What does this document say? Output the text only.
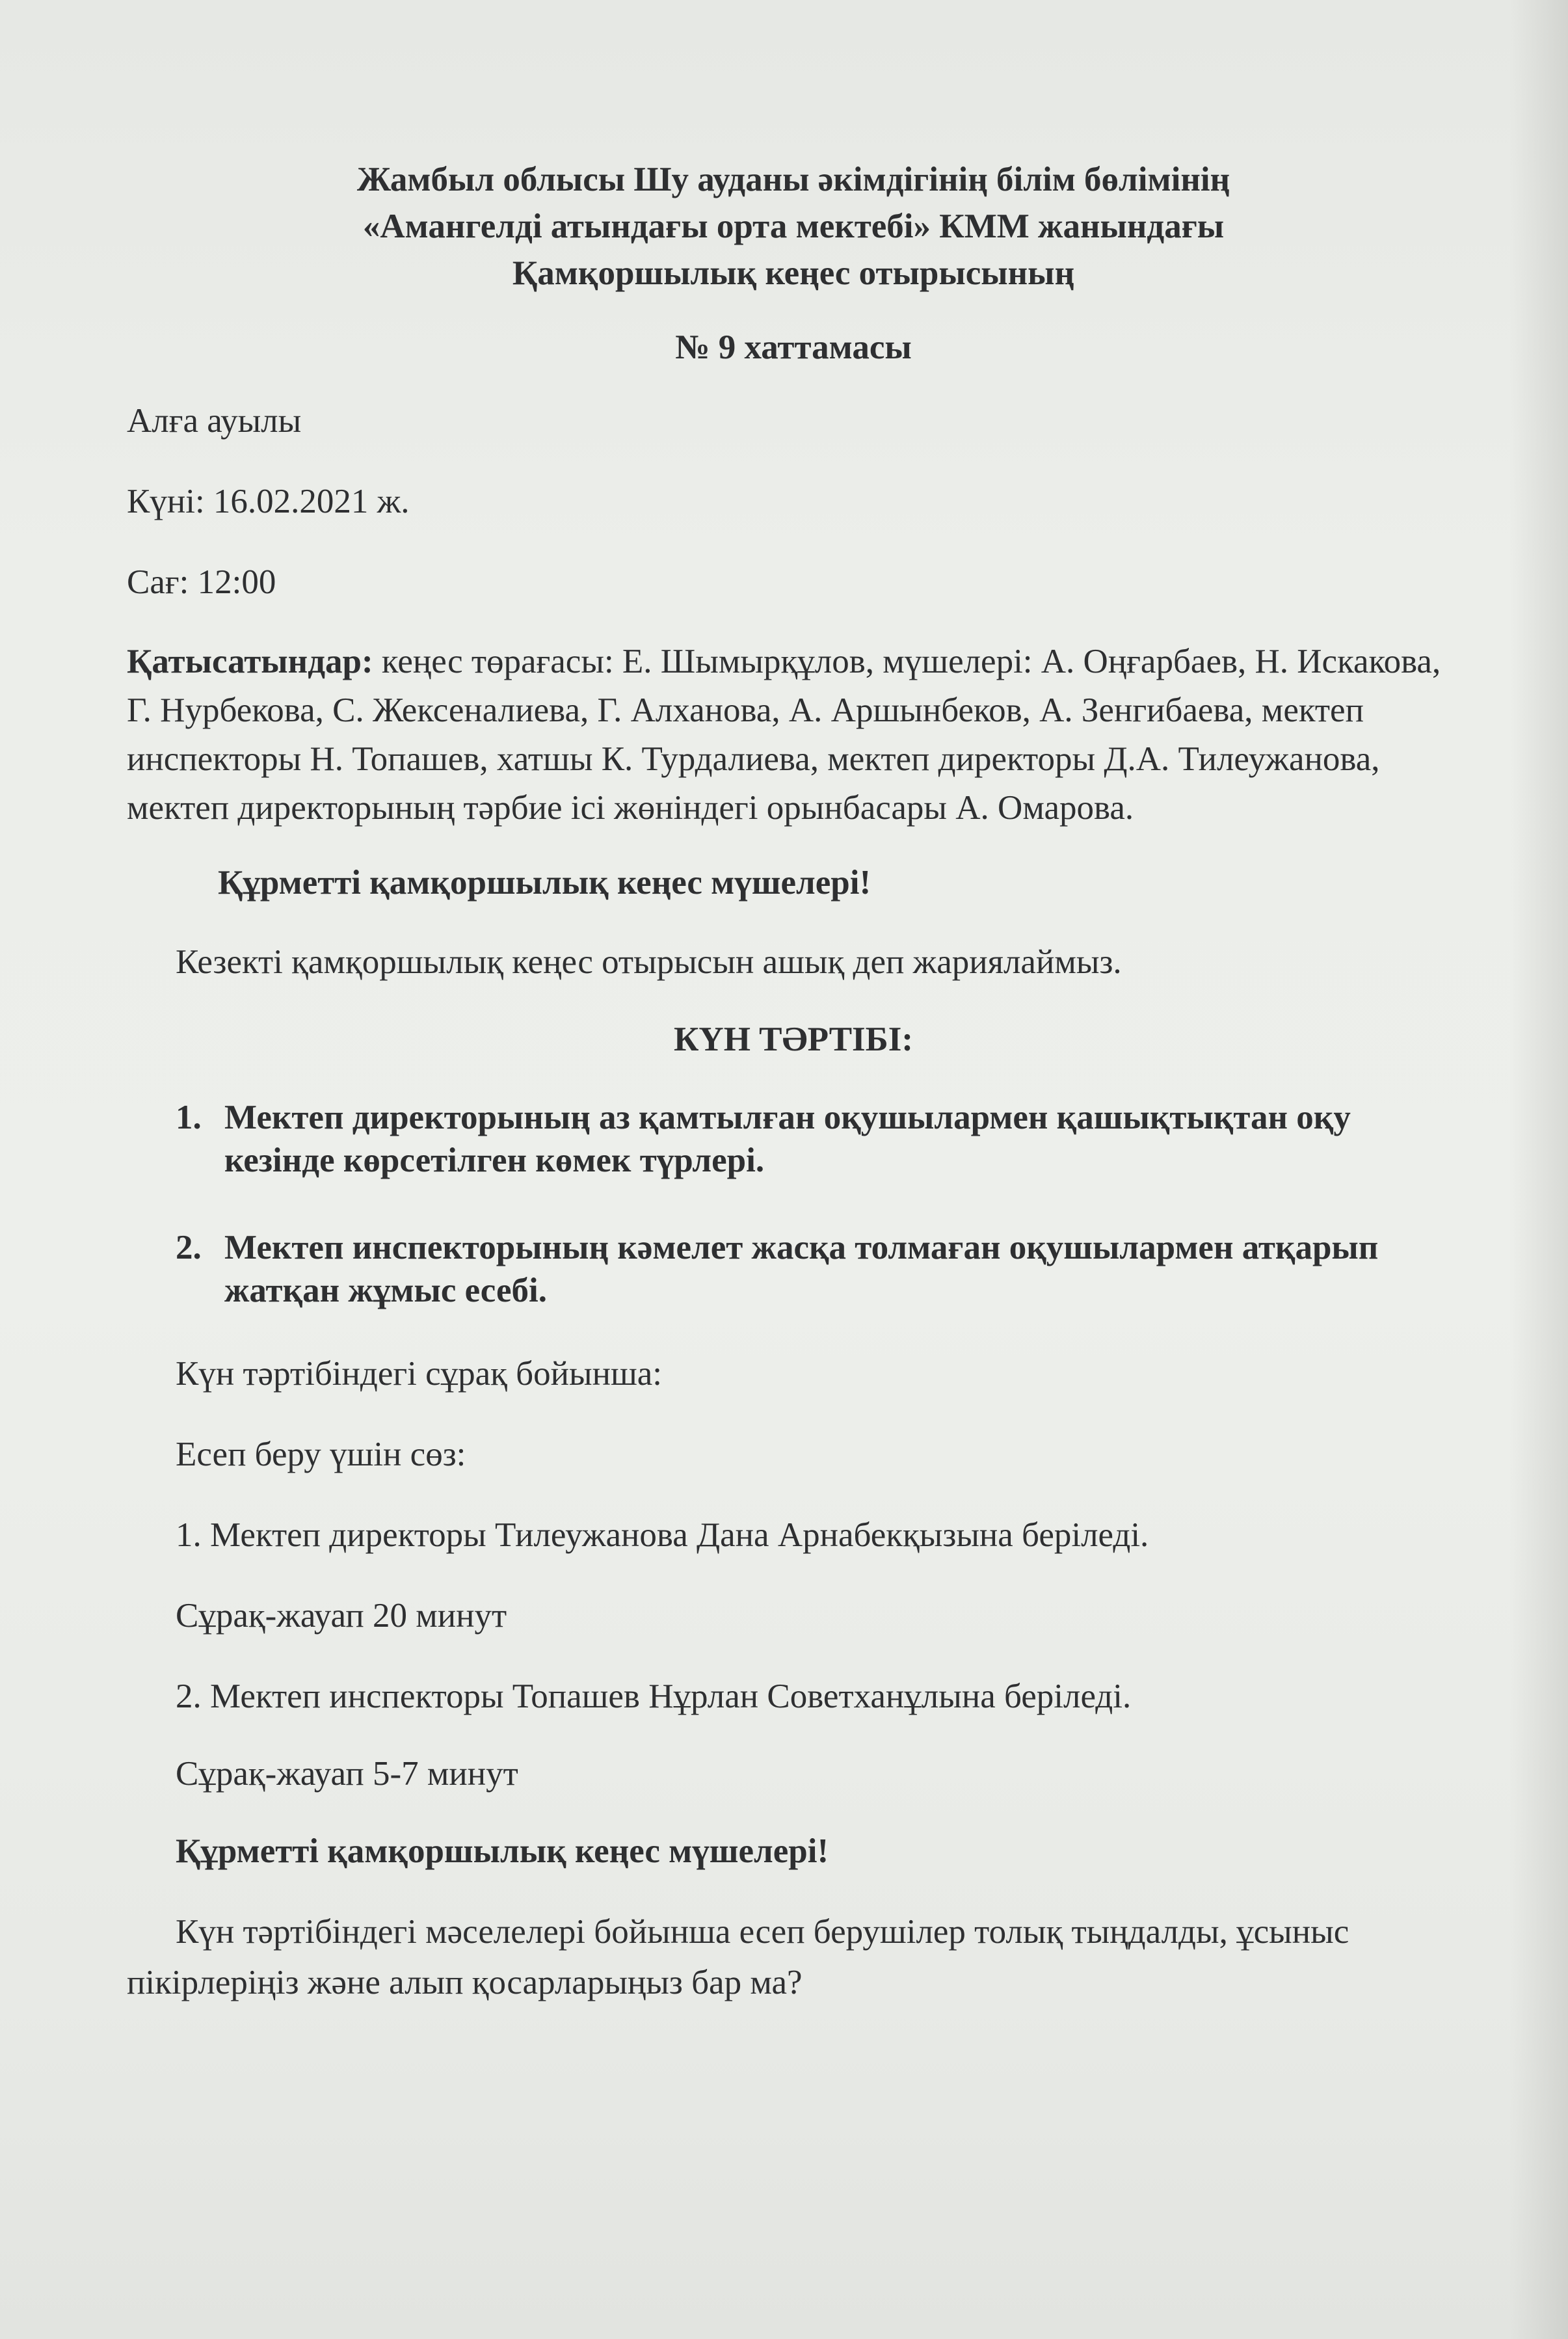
Жамбыл облысы Шу ауданы әкімдігінің білім бөлімінің
«Амангелді атындағы орта мектебі» КММ жанындағы
Қамқоршылық кеңес отырысының
№ 9 хаттамасы

Алға ауылы

Күні: 16.02.2021 ж.

Сағ: 12:00

Қатысатындар: кеңес төрағасы: Е. Шымырқұлов, мүшелері: А. Оңғарбаев, Н. Искакова, Г. Нурбекова, С. Жексеналиева, Г. Алханова, А. Аршынбеков, А. Зенгибаева, мектеп инспекторы Н. Топашев, хатшы К. Турдалиева, мектеп директоры Д.А. Тилеужанова, мектеп директорының тәрбие ісі жөніндегі орынбасары А. Омарова.

Құрметті қамқоршылық кеңес мүшелері!

Кезекті қамқоршылық кеңес отырысын ашық деп жариялаймыз.

КҮН ТӘРТІБІ:

1. Мектеп директорының аз қамтылған оқушылармен қашықтықтан оқу кезінде көрсетілген көмек түрлері.
2. Мектеп инспекторының кәмелет жасқа толмаған оқушылармен атқарып жатқан жұмыс есебі.

Күн тәртібіндегі сұрақ бойынша:

Есеп беру үшін сөз:

1. Мектеп директоры Тилеужанова Дана Арнабекқызына беріледі.

Сұрақ-жауап 20 минут

2. Мектеп инспекторы Топашев Нұрлан Советханұлына беріледі.

Сұрақ-жауап 5-7 минут

Құрметті қамқоршылық кеңес мүшелері!

Күн тәртібіндегі мәселелері бойынша есеп берушілер толық тыңдалды, ұсыныс пікірлеріңіз және алып қосарларыңыз бар ма?
